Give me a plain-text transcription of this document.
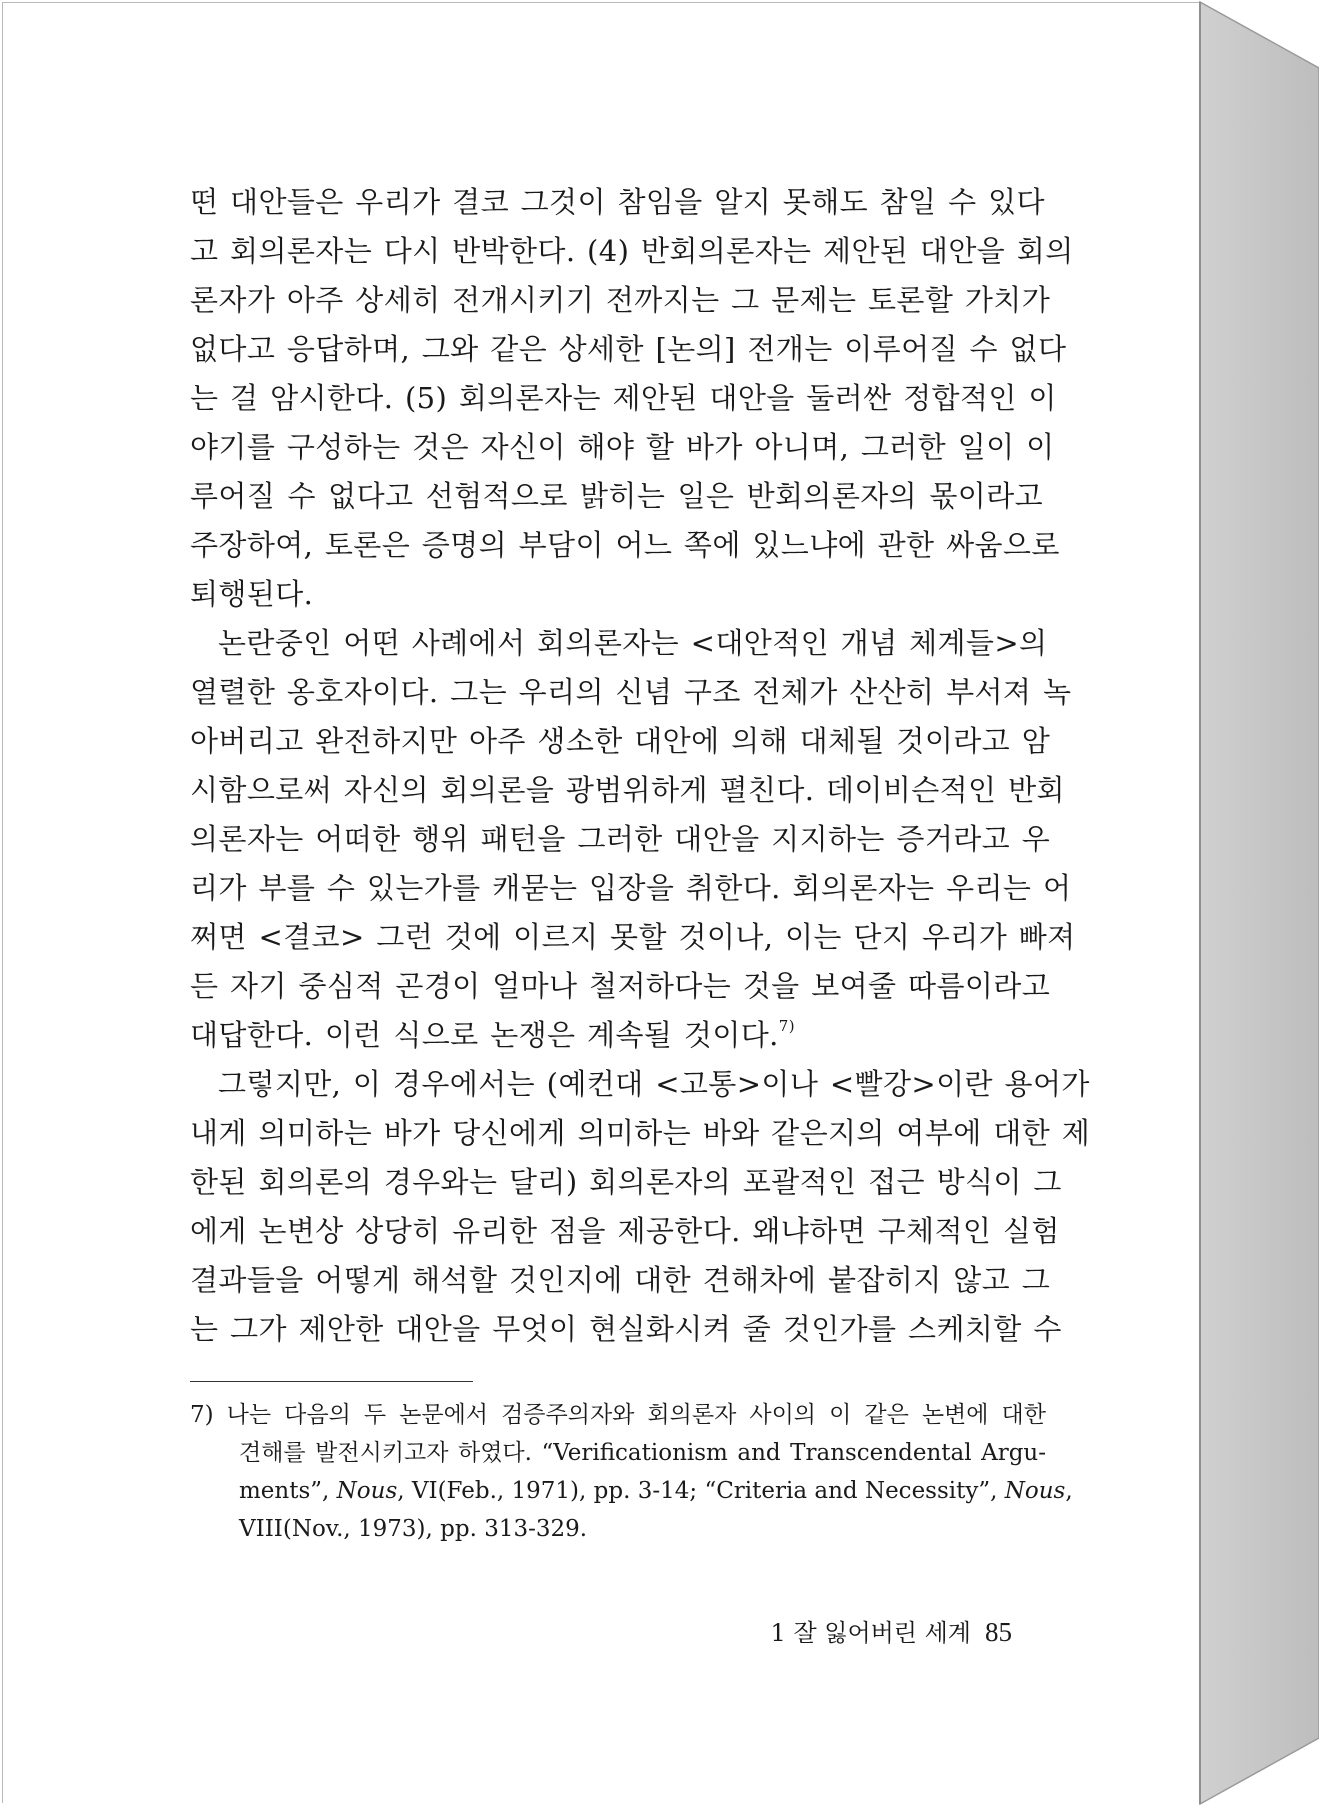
떤 대안들은 우리가 결코 그것이 참임을 알지 못해도 참일 수 있다
고 회의론자는 다시 반박한다. (4) 반회의론자는 제안된 대안을 회의
론자가 아주 상세히 전개시키기 전까지는 그 문제는 토론할 가치가
없다고 응답하며, 그와 같은 상세한 [논의] 전개는 이루어질 수 없다
는 걸 암시한다. (5) 회의론자는 제안된 대안을 둘러싼 정합적인 이
야기를 구성하는 것은 자신이 해야 할 바가 아니며, 그러한 일이 이
루어질 수 없다고 선험적으로 밝히는 일은 반회의론자의 몫이라고
주장하여, 토론은 증명의 부담이 어느 쪽에 있느냐에 관한 싸움으로
퇴행된다.
논란중인 어떤 사례에서 회의론자는 <대안적인 개념 체계들>의
열렬한 옹호자이다. 그는 우리의 신념 구조 전체가 산산히 부서져 녹
아버리고 완전하지만 아주 생소한 대안에 의해 대체될 것이라고 암
시함으로써 자신의 회의론을 광범위하게 펼친다. 데이비슨적인 반회
의론자는 어떠한 행위 패턴을 그러한 대안을 지지하는 증거라고 우
리가 부를 수 있는가를 캐묻는 입장을 취한다. 회의론자는 우리는 어
쩌면 <결코> 그런 것에 이르지 못할 것이나, 이는 단지 우리가 빠져
든 자기 중심적 곤경이 얼마나 철저하다는 것을 보여줄 따름이라고
대답한다. 이런 식으로 논쟁은 계속될 것이다.$^{7)}$
그렇지만, 이 경우에서는 (예컨대 <고통>이나 <빨강>이란 용어가
내게 의미하는 바가 당신에게 의미하는 바와 같은지의 여부에 대한 제
한된 회의론의 경우와는 달리) 회의론자의 포괄적인 접근 방식이 그
에게 논변상 상당히 유리한 점을 제공한다. 왜냐하면 구체적인 실험
결과들을 어떻게 해석할 것인지에 대한 견해차에 붙잡히지 않고 그
는 그가 제안한 대안을 무엇이 현실화시켜 줄 것인가를 스케치할 수
7) 나는 다음의 두 논문에서 검증주의자와 회의론자 사이의 이 같은 논변에 대한
견해를 발전시키고자 하였다. “Verificationism and Transcendental Argu-
ments”, Nous, VI(Feb., 1971), pp. 3-14; “Criteria and Necessity”, Nous,
VIII(Nov., 1973), pp. 313-329.
1 잘 잃어버린 세계 85
